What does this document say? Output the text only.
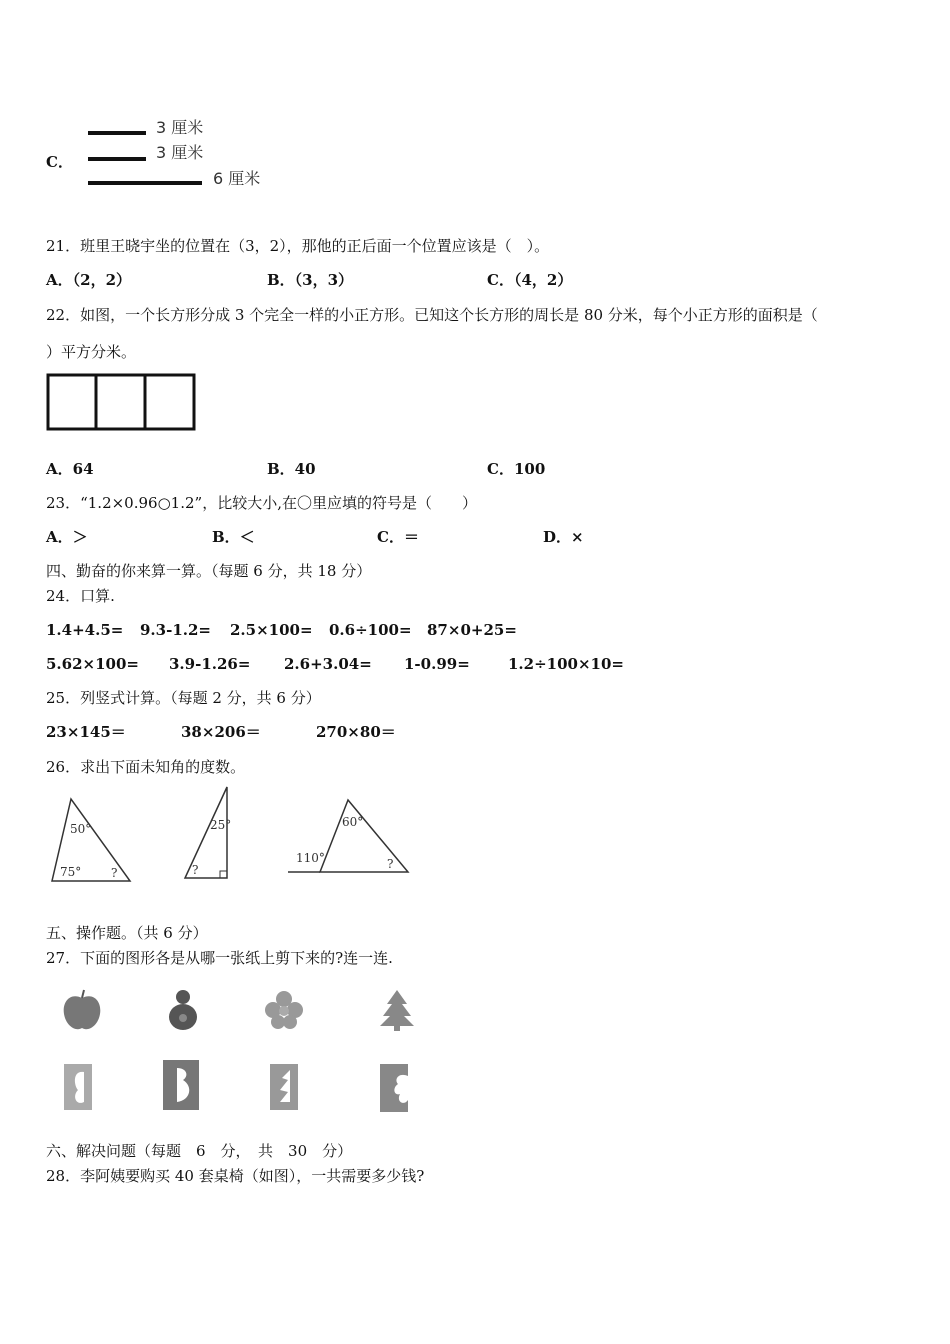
C．
3 厘米
3 厘米
6 厘米
21．班里王晓宇坐的位置在（3，2），那他的正后面一个位置应该是（　）。
A．（2，2）	B．（3，3）	C．（4，2）
22．如图，一个长方形分成 3 个完全一样的小正方形。已知这个长方形的周长是 80 分米，每个小正方形的面积是（
）平方分米。
A．64	B．40	C．100
23．“1.2×0.96○1.2”，比较大小,在〇里应填的符号是（　　）
A．＞	B．＜	C．＝	D．×
四、勤奋的你来算一算。（每题 6 分，共 18 分）
24．口算.
1.4+4.5= 9.3-1.2= 2.5×100= 0.6÷100= 87×0+25=
5.62×100= 3.9-1.26= 2.6+3.04= 1-0.99=	1.2÷100×10=
25．列竖式计算。（每题 2 分，共 6 分）
23×145＝	38×206＝	270×80＝
26．求出下面未知角的度数。
50°
75° ?
25°
?
60°
110°	?
五、操作题。（共 6 分）
27．下面的图形各是从哪一张纸上剪下来的?连一连.
六、解决问题（每题　6　分，　共　30　分）
28．李阿姨要购买 40 套桌椅（如图），一共需要多少钱?
